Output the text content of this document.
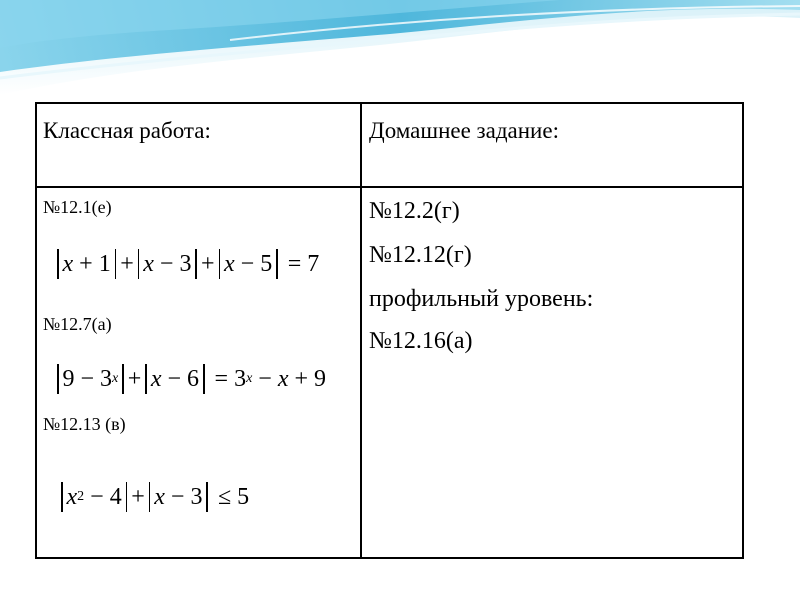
Классная работа:	Домашнее задание:
№12.1(е)
x
+
1 + x
−
3 + x
−
5
=
7
№12.7(а)
9
−
3 x + x
−
6
=
3 x
−
x
+
9
№12.13 (в)
x 2
−
4 + x
−
3
≤
5
№12.2(г)
№12.12(г)
профильный уровень:
№12.16(а)
